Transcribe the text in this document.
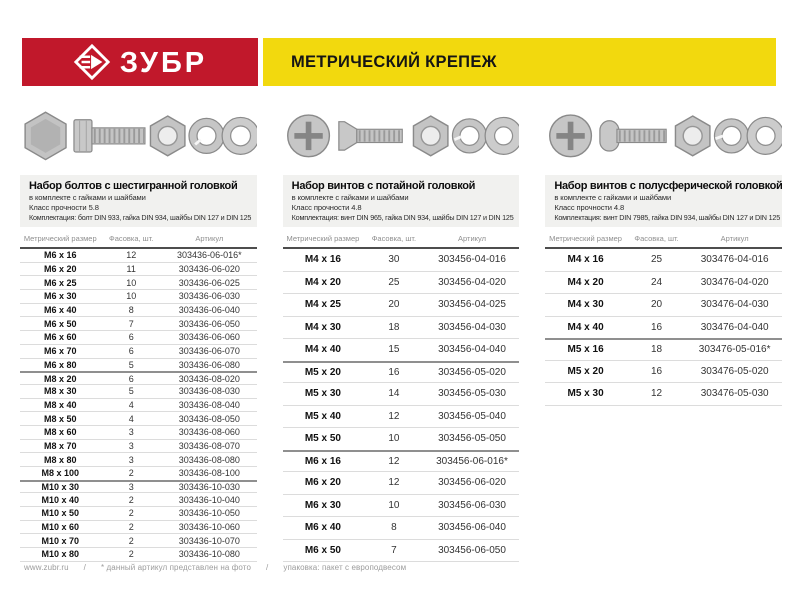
ЗУБР	МЕТРИЧЕСКИЙ КРЕПЕЖ
Набор болтов с шестигранной головкой
в комплекте с гайками и шайбами
Класс прочности 5.8
Комплектация: болт DIN 933, гайка DIN 934, шайбы DIN 127 и DIN 125
Метрический размер	Фасовка, шт.	Артикул
М6 х 16	12	303436-06-016*
М6 х 20	11	303436-06-020
М6 х 25	10	303436-06-025
М6 х 30	10	303436-06-030
М6 х 40	8	303436-06-040
М6 х 50	7	303436-06-050
М6 х 60	6	303436-06-060
М6 х 70	6	303436-06-070
М6 х 80	5	303436-06-080
М8 х 20	6	303436-08-020
М8 х 30	5	303436-08-030
М8 х 40	4	303436-08-040
М8 х 50	4	303436-08-050
М8 х 60	3	303436-08-060
М8 х 70	3	303436-08-070
М8 х 80	3	303436-08-080
М8 х 100	2	303436-08-100
М10 х 30	3	303436-10-030
М10 х 40	2	303436-10-040
М10 х 50	2	303436-10-050
М10 х 60	2	303436-10-060
М10 х 70	2	303436-10-070
М10 х 80	2	303436-10-080
Набор винтов с потайной головкой
в комплекте с гайками и шайбами
Класс прочности 4.8
Комплектация: винт DIN 965, гайка DIN 934, шайбы DIN 127 и DIN 125
Метрический размер	Фасовка, шт.	Артикул
М4 х 16	30	303456-04-016
М4 х 20	25	303456-04-020
М4 х 25	20	303456-04-025
М4 х 30	18	303456-04-030
М4 х 40	15	303456-04-040
М5 х 20	16	303456-05-020
М5 х 30	14	303456-05-030
М5 х 40	12	303456-05-040
М5 х 50	10	303456-05-050
М6 х 16	12	303456-06-016*
М6 х 20	12	303456-06-020
М6 х 30	10	303456-06-030
М6 х 40	8	303456-06-040
М6 х 50	7	303456-06-050
Набор винтов с полусферической головкой
в комплекте с гайками и шайбами
Класс прочности 4.8
Комплектация: винт DIN 7985, гайка DIN 934, шайбы DIN 127 и DIN 125
Метрический размер	Фасовка, шт.	Артикул
М4 х 16	25	303476-04-016
М4 х 20	24	303476-04-020
М4 х 30	20	303476-04-030
М4 х 40	16	303476-04-040
М5 х 16	18	303476-05-016*
М5 х 20	16	303476-05-020
М5 х 30	12	303476-05-030
www.zubr.ru / * данный артикул представлен на фото / упаковка: пакет с европодвесом
